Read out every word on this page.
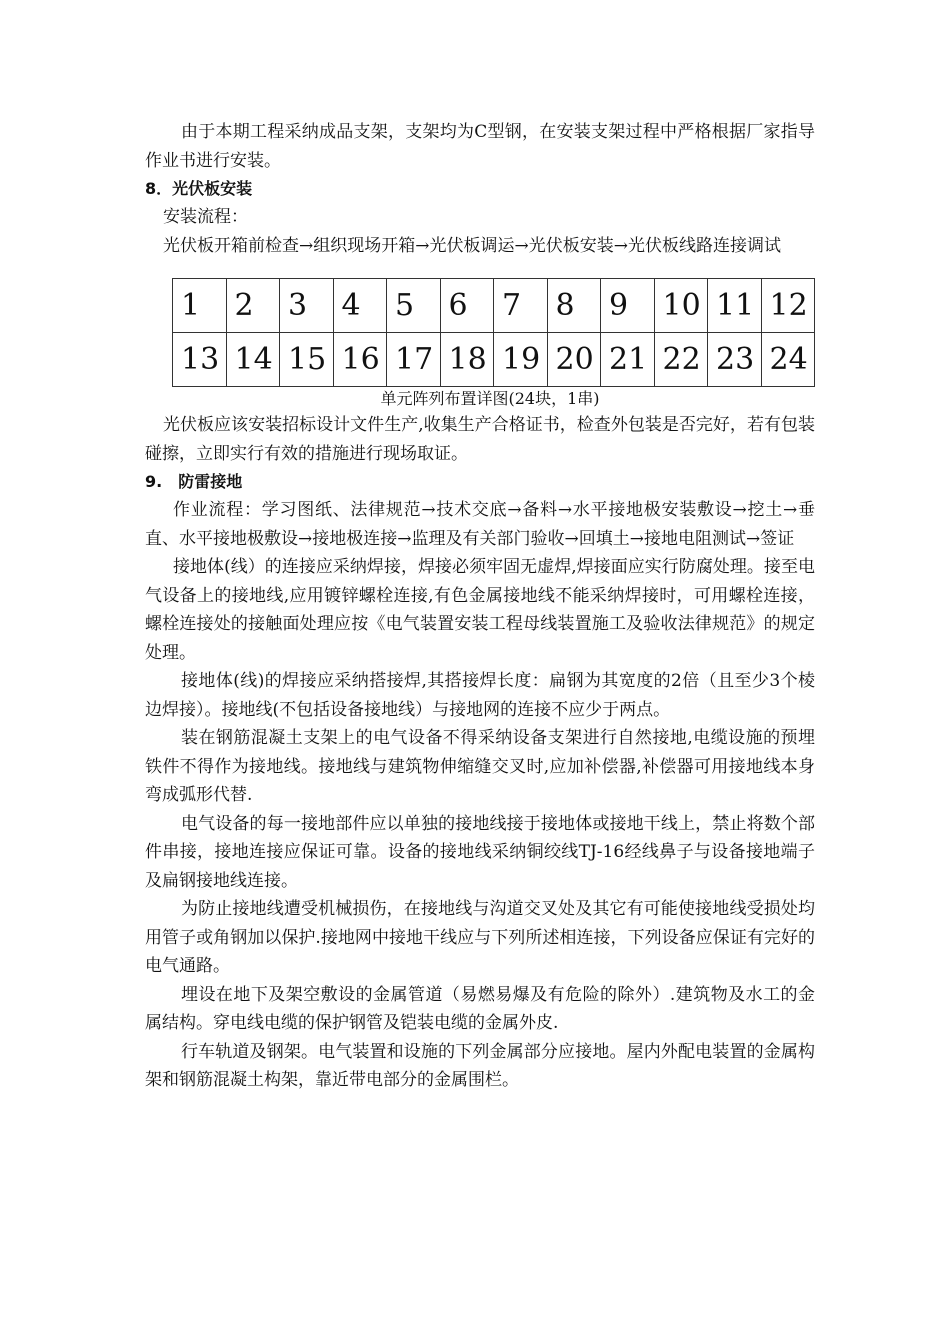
由于本期工程采纳成品支架，支架均为C型钢，在安装支架过程中严格根据厂家指导作业书进行安装。

8．光伏板安装

安装流程：

光伏板开箱前检查→组织现场开箱→光伏板调运→光伏板安装→光伏板线路连接调试

1	2	3	4	5	6	7	8	9	10	11	12
13	14	15	16	17	18	19	20	21	22	23	24
单元阵列布置详图(24块，1串)

光伏板应该安装招标设计文件生产,收集生产合格证书，检查外包装是否完好，若有包装碰擦，立即实行有效的措施进行现场取证。

9.　防雷接地

作业流程：学习图纸、法律规范→技术交底→备料→水平接地极安装敷设→挖土→垂直、水平接地极敷设→接地极连接→监理及有关部门验收→回填土→接地电阻测试→签证

接地体(线）的连接应采纳焊接，焊接必须牢固无虚焊,焊接面应实行防腐处理。接至电气设备上的接地线,应用镀锌螺栓连接,有色金属接地线不能采纳焊接时，可用螺栓连接，螺栓连接处的接触面处理应按《电气装置安装工程母线装置施工及验收法律规范》的规定处理。

接地体(线)的焊接应采纳搭接焊,其搭接焊长度：扁钢为其宽度的2倍（且至少3个棱边焊接）。接地线(不包括设备接地线）与接地网的连接不应少于两点。

装在钢筋混凝土支架上的电气设备不得采纳设备支架进行自然接地,电缆设施的预埋铁件不得作为接地线。接地线与建筑物伸缩缝交叉时,应加补偿器,补偿器可用接地线本身弯成弧形代替.

电气设备的每一接地部件应以单独的接地线接于接地体或接地干线上，禁止将数个部件串接，接地连接应保证可靠。设备的接地线采纳铜绞线TJ-16经线鼻子与设备接地端子及扁钢接地线连接。

为防止接地线遭受机械损伤，在接地线与沟道交叉处及其它有可能使接地线受损处均用管子或角钢加以保护.接地网中接地干线应与下列所述相连接，下列设备应保证有完好的电气通路。

埋设在地下及架空敷设的金属管道（易燃易爆及有危险的除外）.建筑物及水工的金属结构。穿电线电缆的保护钢管及铠装电缆的金属外皮.

行车轨道及钢架。电气装置和设施的下列金属部分应接地。屋内外配电装置的金属构架和钢筋混凝土构架，靠近带电部分的金属围栏。
